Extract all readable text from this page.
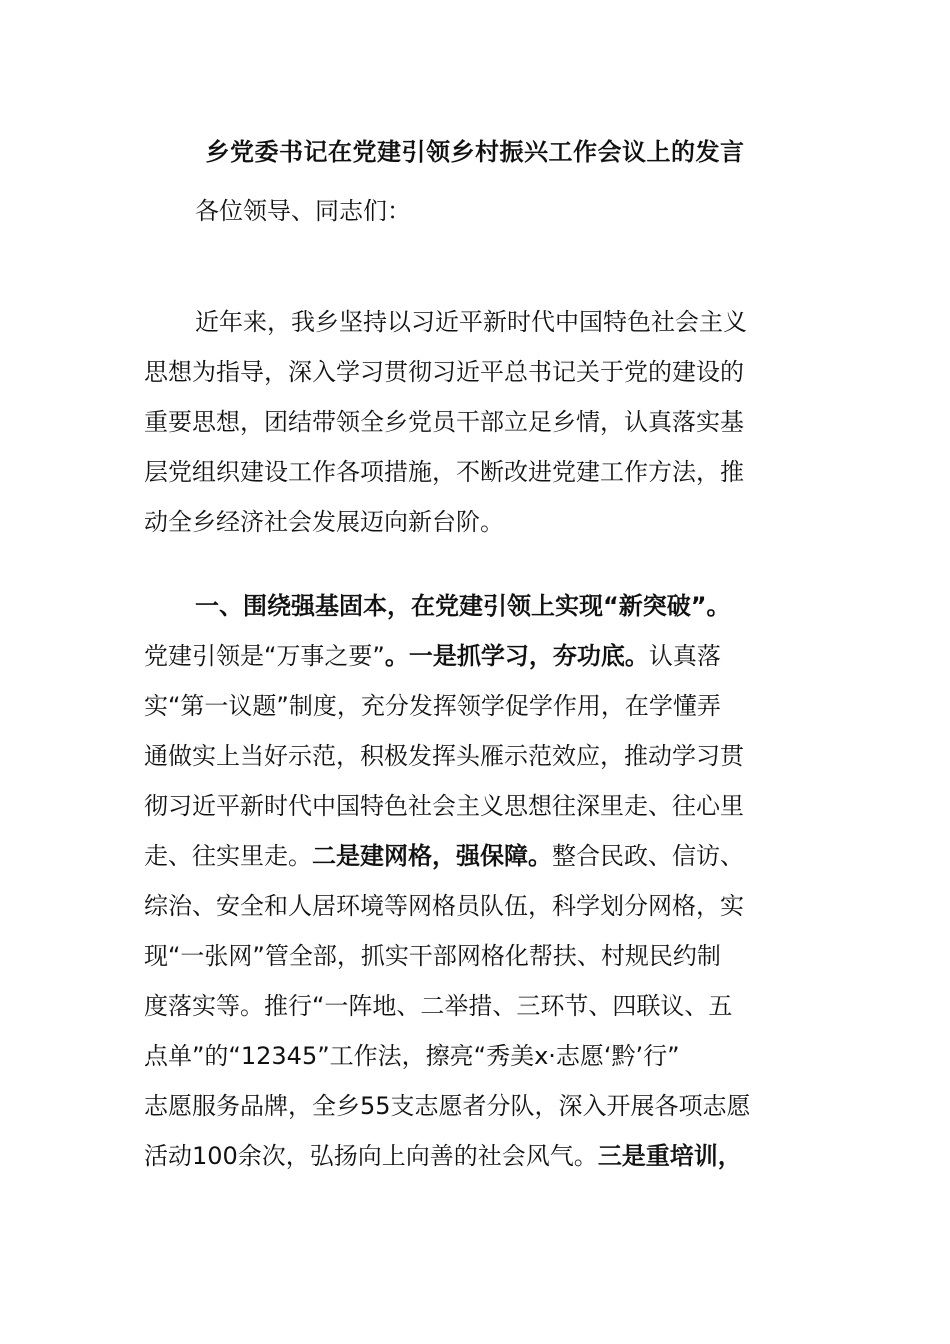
乡党委书记在党建引领乡村振兴工作会议上的发言
各位领导、同志们：
近年来，我乡坚持以习近平新时代中国特色社会主义
思想为指导，深入学习贯彻习近平总书记关于党的建设的
重要思想，团结带领全乡党员干部立足乡情，认真落实基
层党组织建设工作各项措施，不断改进党建工作方法，推
动全乡经济社会发展迈向新台阶。
一、围绕强基固本，在党建引领上实现“新突破”。
党建引领是“万事之要”。一是抓学习，夯功底。认真落
实“第一议题”制度，充分发挥领学促学作用，在学懂弄
通做实上当好示范，积极发挥头雁示范效应，推动学习贯
彻习近平新时代中国特色社会主义思想往深里走、往心里
走、往实里走。二是建网格，强保障。整合民政、信访、
综治、安全和人居环境等网格员队伍，科学划分网格，实
现“一张网”管全部，抓实干部网格化帮扶、村规民约制
度落实等。推行“一阵地、二举措、三环节、四联议、五
点单”的“12345”工作法，擦亮“秀美x·志愿‘黔’行”
志愿服务品牌，全乡55支志愿者分队，深入开展各项志愿
活动100余次，弘扬向上向善的社会风气。三是重培训，
